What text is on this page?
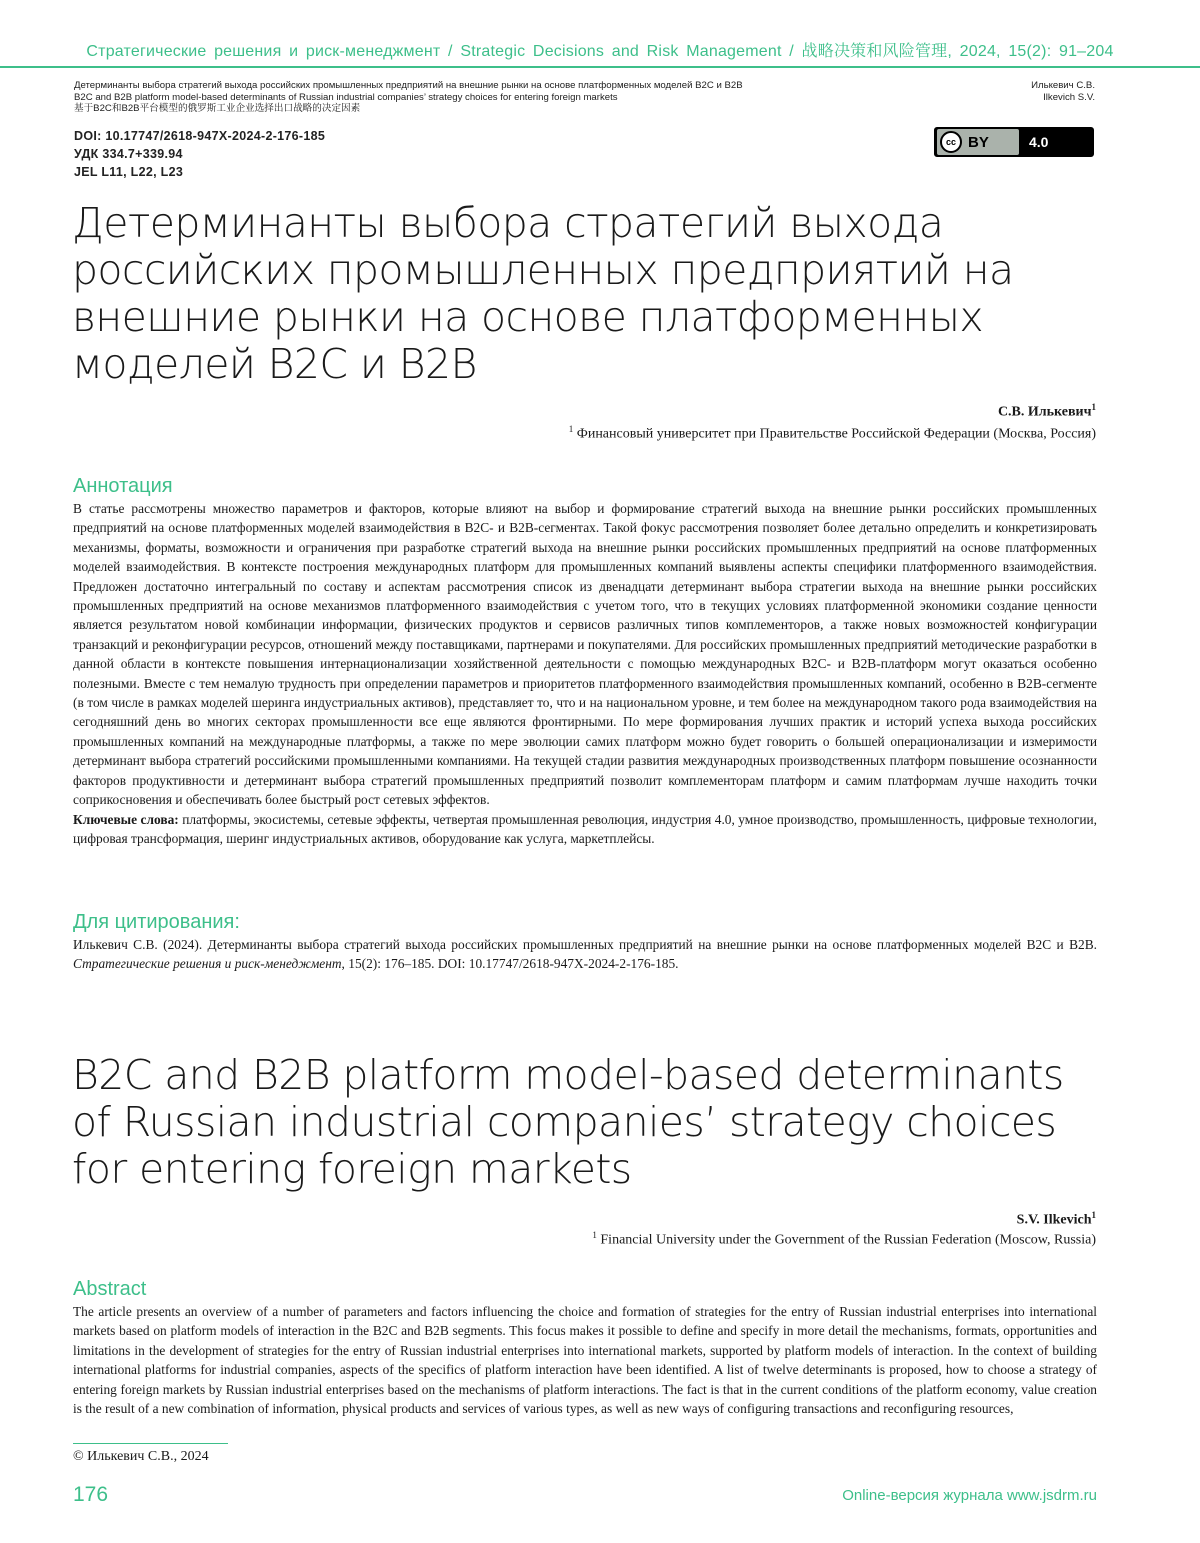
Стратегические решения и риск-менеджмент / Strategic Decisions and Risk Management / 战略决策和风险管理, 2024, 15(2): 91–204
Детерминанты выбора стратегий выхода российских промышленных предприятий на внешние рынки на основе платформенных моделей B2C и B2B
B2C and B2B platform model-based determinants of Russian industrial companies’ strategy choices for entering foreign markets
基于B2C和B2B平台模型的俄罗斯工业企业选择出口战略的决定因素
Илькевич С.В.
Ilkevich S.V.
DOI: 10.17747/2618-947X-2024-2-176-185
УДК 334.7+339.94
JEL L11, L22, L23
cc BY	4.0
Детерминанты выбора стратегий выхода российских промышленных предприятий на внешние рынки на основе платформенных моделей B2C и B2B
С.В. Илькевич$^1$
$^1$ Финансовый университет при Правительстве Российской Федерации (Москва, Россия)
Аннотация

В статье рассмотрены множество параметров и факторов, которые влияют на выбор и формирование стратегий выхода на внешние рынки российских промышленных предприятий на основе платформенных моделей взаимодействия в B2C- и B2B-сегментах. Такой фокус рассмотрения позволяет более детально определить и конкретизировать механизмы, форматы, возможности и ограничения при разработке стратегий выхода на внешние рынки российских промышленных предприятий на основе платформенных моделей взаимодействия. В контексте построения международных платформ для промышленных компаний выявлены аспекты специфики платформенного взаимодействия. Предложен достаточно интегральный по составу и аспектам рассмотрения список из двенадцати детерминант выбора стратегии выхода на внешние рынки российских промышленных предприятий на основе механизмов платформенного взаимодействия с учетом того, что в текущих условиях платформенной экономики создание ценности является результатом новой комбинации информации, физических продуктов и сервисов различных типов комплементоров, а также новых возможностей конфигурации транзакций и реконфигурации ресурсов, отношений между поставщиками, партнерами и покупателями. Для российских промышленных предприятий методические разработки в данной области в контексте повышения интернационализации хозяйственной деятельности с помощью международных B2C- и B2B-платформ могут оказаться особенно полезными. Вместе с тем немалую трудность при определении параметров и приоритетов платформенного взаимодействия промышленных компаний, особенно в B2B-сегменте (в том числе в рамках моделей шеринга индустриальных активов), представляет то, что и на национальном уровне, и тем более на международном такого рода взаимодействия на сегодняшний день во многих секторах промышленности все еще являются фронтирными. По мере формирования лучших практик и историй успеха выхода российских промышленных компаний на международные платформы, а также по мере эволюции самих платформ можно будет говорить о большей операционализации и измеримости детерминант выбора стратегий российскими промышленными компаниями. На текущей стадии развития международных производственных платформ повышение осознанности факторов продуктивности и детерминант выбора стратегий промышленных предприятий позволит комплементорам платформ и самим платформам лучше находить точки соприкосновения и обеспечивать более быстрый рост сетевых эффектов.

Ключевые слова: платформы, экосистемы, сетевые эффекты, четвертая промышленная революция, индустрия 4.0, умное производство, промышленность, цифровые технологии, цифровая трансформация, шеринг индустриальных активов, оборудование как услуга, маркетплейсы.

Для цитирования:
Илькевич С.В. (2024). Детерминанты выбора стратегий выхода российских промышленных предприятий на внешние рынки на основе платформенных моделей B2C и B2B. Стратегические решения и риск-менеджмент, 15(2): 176–185. DOI: 10.17747/2618-947X-2024-2-176-185.
B2C and B2B platform model-based determinants of Russian industrial companies’ strategy choices for entering foreign markets
S.V. Ilkevich$^1$
$^1$ Financial University under the Government of the Russian Federation (Moscow, Russia)
Abstract

The article presents an overview of a number of parameters and factors influencing the choice and formation of strategies for the entry of Russian industrial enterprises into international markets based on platform models of interaction in the B2C and B2B segments. This focus makes it possible to define and specify in more detail the mechanisms, formats, opportunities and limitations in the development of strategies for the entry of Russian industrial enterprises into international markets, supported by platform models of interaction. In the context of building international platforms for industrial companies, aspects of the specifics of platform interaction have been identified. A list of twelve determinants is proposed, how to choose a strategy of entering foreign markets by Russian industrial enterprises based on the mechanisms of platform interactions. The fact is that in the current conditions of the platform economy, value creation is the result of a new combination of information, physical products and services of various types, as well as new ways of configuring transactions and reconfiguring resources,

© Илькевич С.В., 2024
176	Online-версия журнала www.jsdrm.ru
